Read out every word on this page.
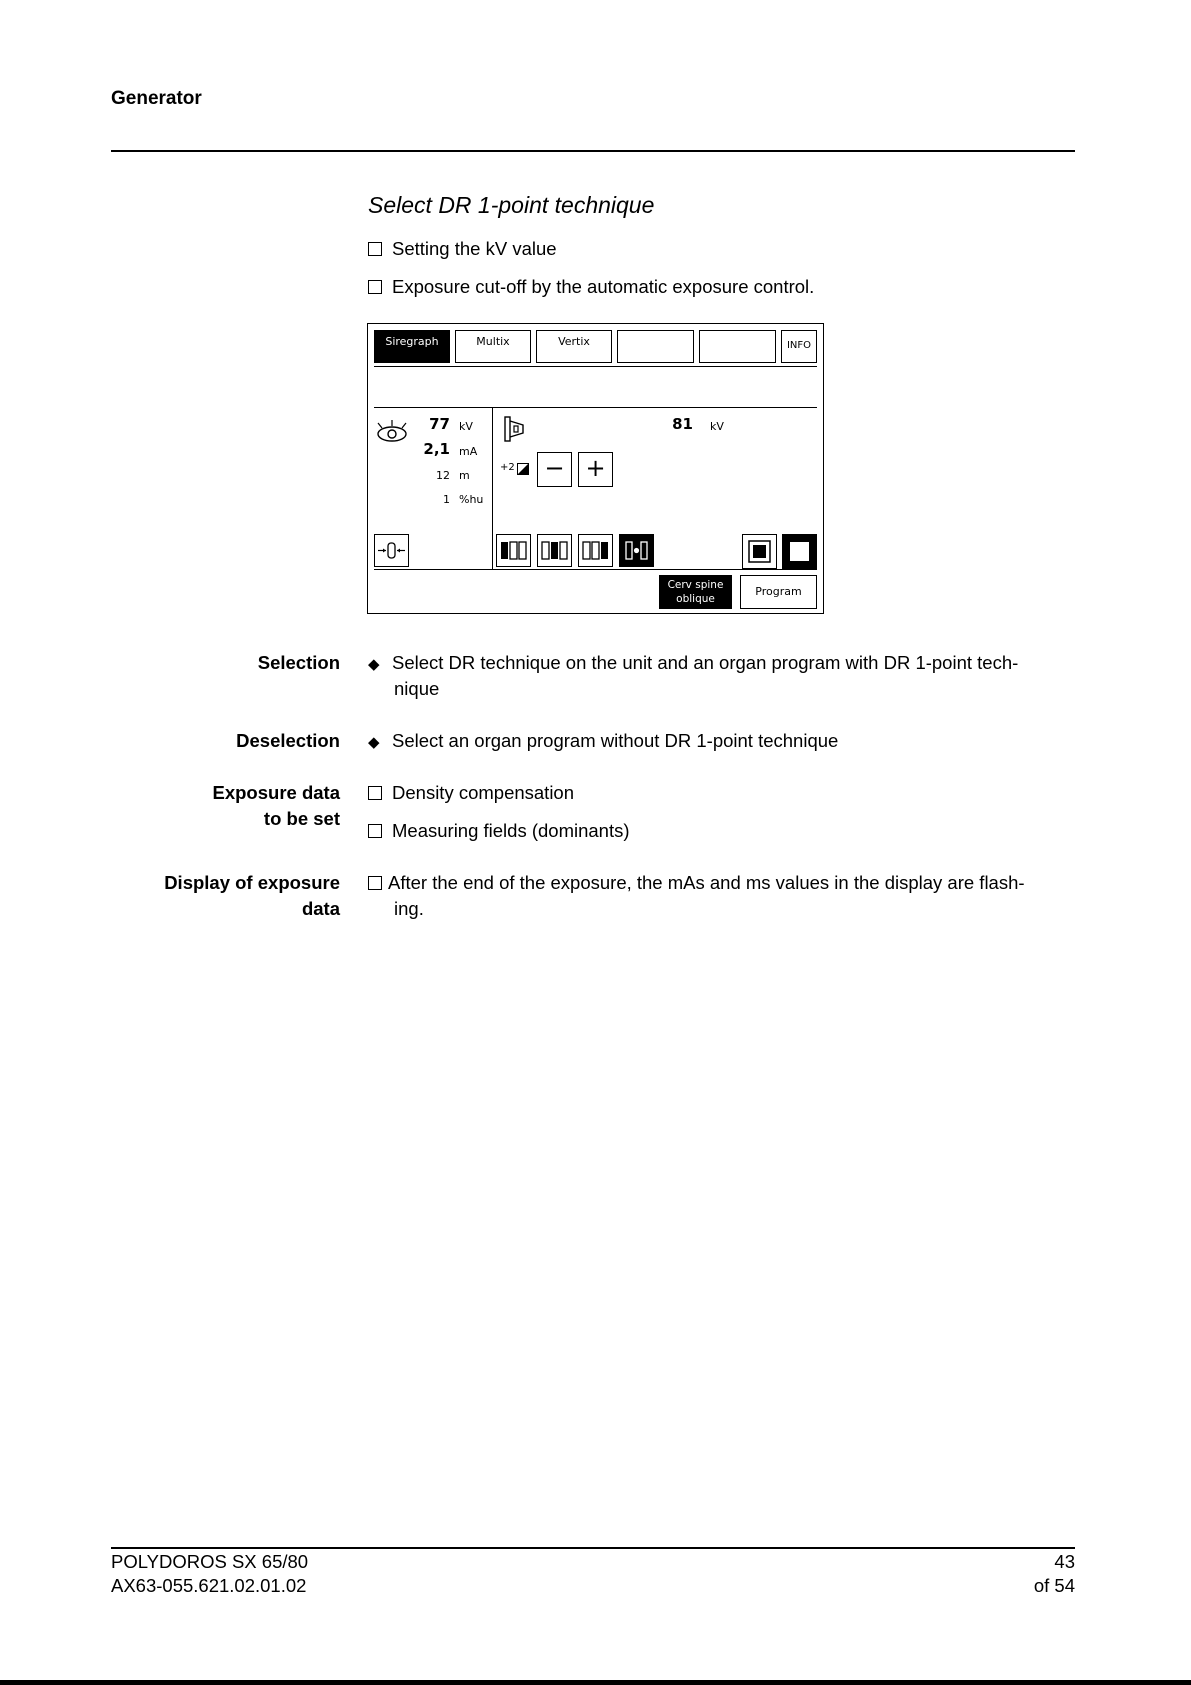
Generator
Select DR 1-point technique
Setting the kV value
Exposure cut-off by the automatic exposure control.
Siregraph	Multix	Vertix	INFO
77 kV
2,1 mA
12 m
1 %hu
81 kV
+2	− +
Cerv spine oblique
Program
Selection ◆ Select DR technique on the unit and an organ program with DR 1-point tech-
nique
Deselection ◆ Select an organ program without DR 1-point technique
Exposure data
to be set
Density compensation
Measuring fields (dominants)
Display of exposure
data
After the end of the exposure, the mAs and ms values in the display are flash-
ing.
POLYDOROS SX 65/80
AX63-055.621.02.01.02
43
of 54
